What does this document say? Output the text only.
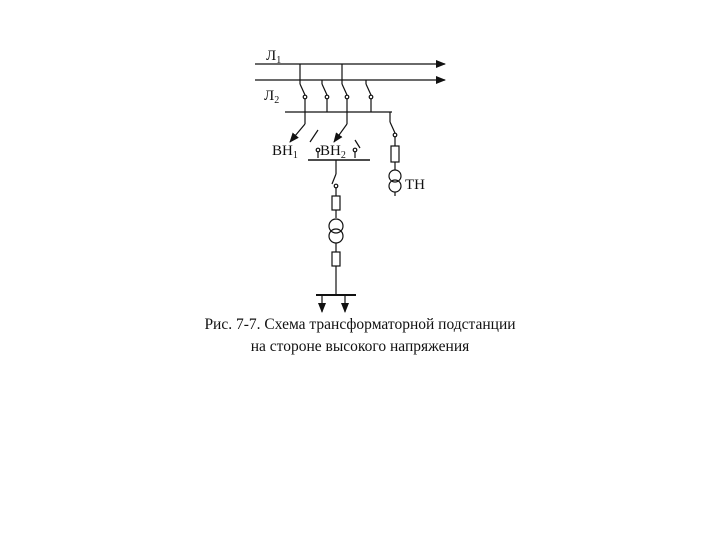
$Л_1$
$Л_2$
$ВН_1$ $ВН_2$
ТН
Рис. 7-7. Схема трансформаторной подстанции
на стороне высокого напряжения
